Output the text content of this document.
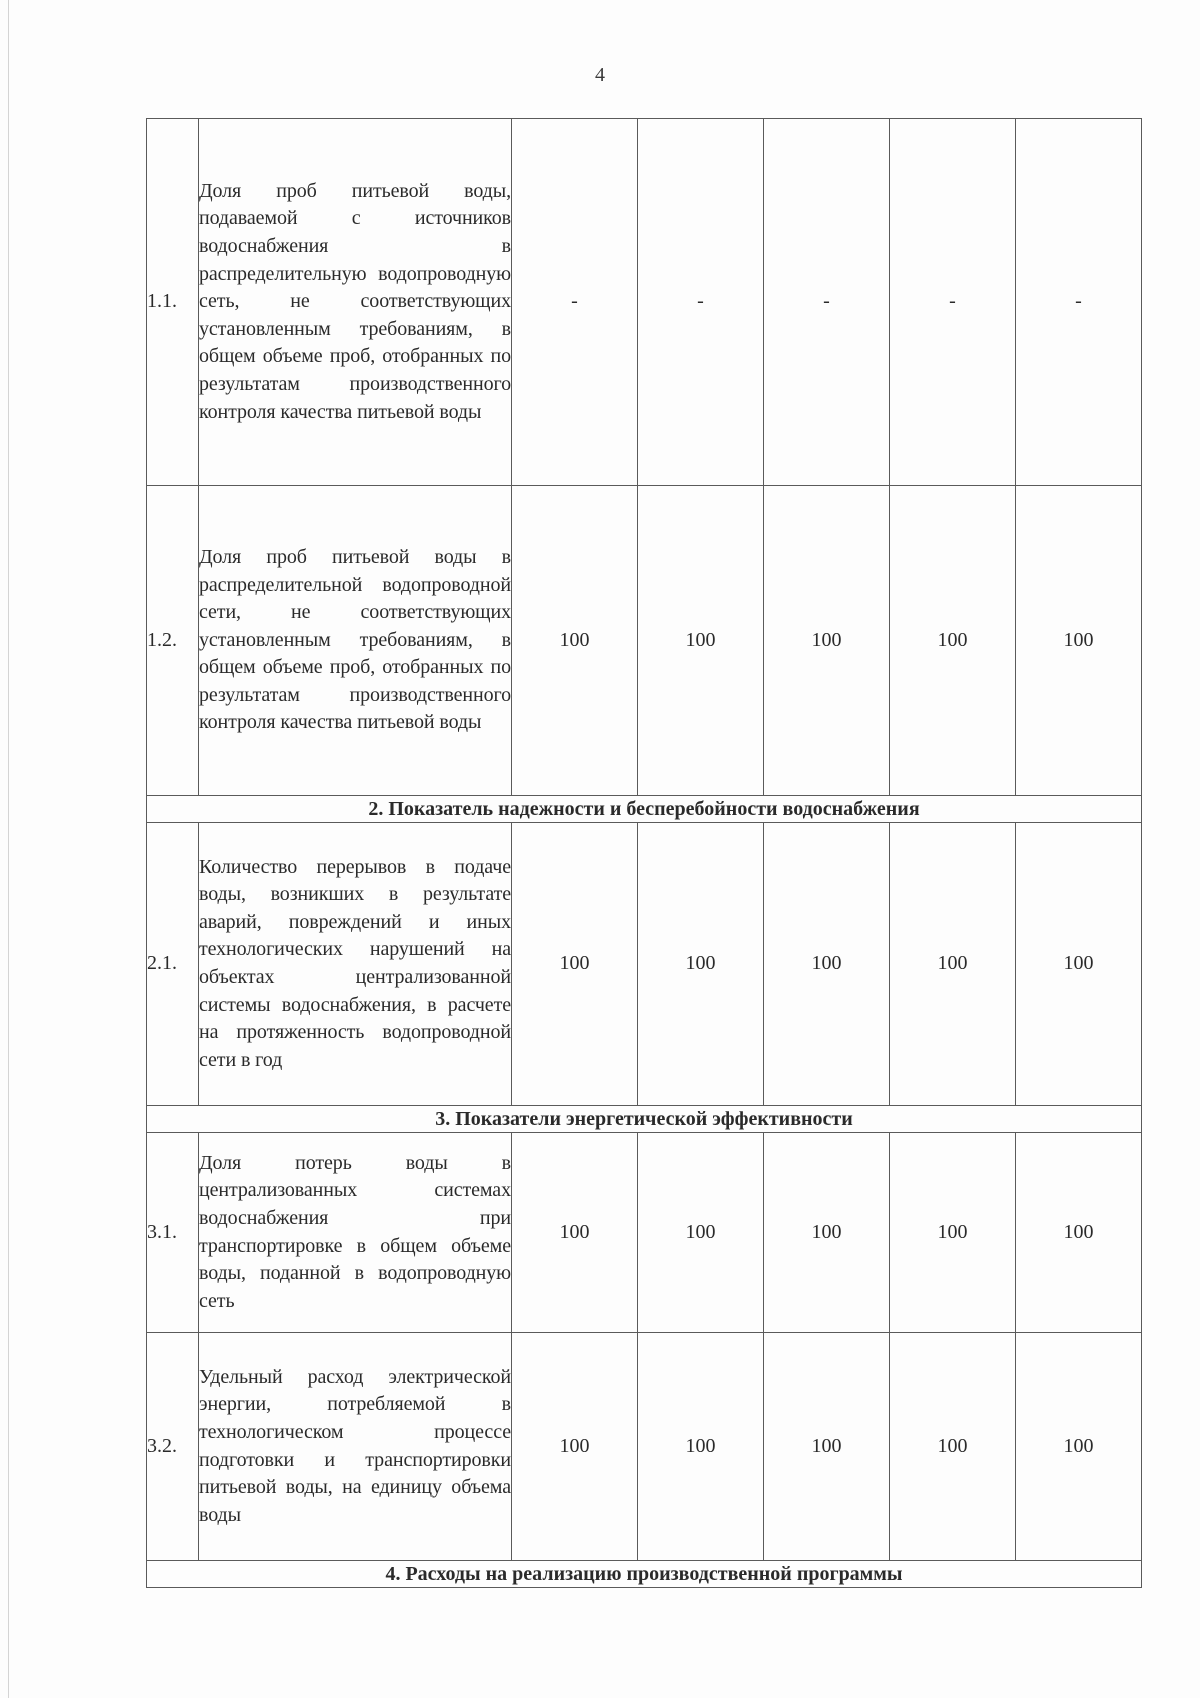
4
1.1.	Доля проб питьевой воды, подаваемой с источников водоснабжения в распределительную водопроводную сеть, не соответствующих установленным требованиям, в общем объеме проб, отобранных по результатам производственного контроля качества питьевой воды	-	-	-	-	-
1.2.	Доля проб питьевой воды в распределительной водопроводной сети, не соответствующих установленным требованиям, в общем объеме проб, отобранных по результатам производственного контроля качества питьевой воды	100	100	100	100	100
2. Показатель надежности и бесперебойности водоснабжения						
2.1.	Количество перерывов в подаче воды, возникших в результате аварий, повреждений и иных технологических нарушений на объектах централизованной системы водоснабжения, в расчете на протяженность водопроводной сети в год	100	100	100	100	100
3. Показатели энергетической эффективности						
3.1.	Доля потерь воды в централизованных системах водоснабжения при транспортировке в общем объеме воды, поданной в водопроводную сеть	100	100	100	100	100
3.2.	Удельный расход электрической энергии, потребляемой в технологическом процессе подготовки и транспортировки питьевой воды, на единицу объема воды	100	100	100	100	100
4. Расходы на реализацию производственной программы						
